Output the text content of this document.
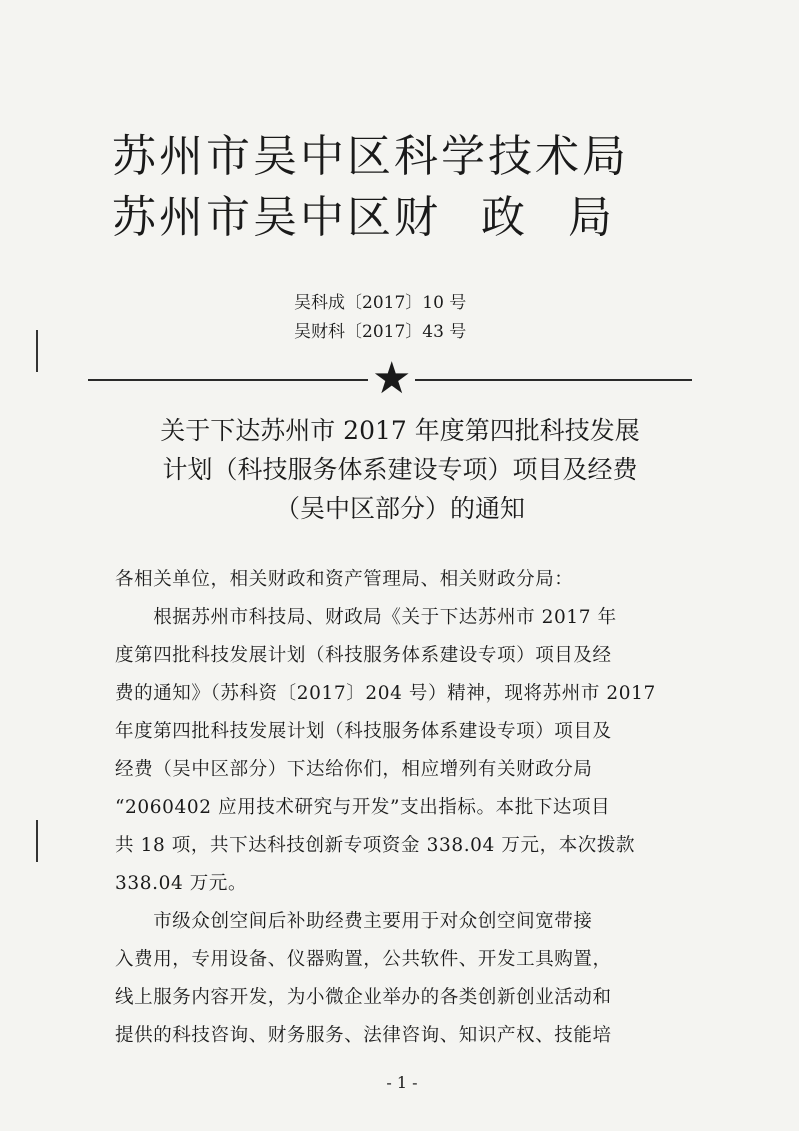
苏州市吴中区科学技术局
苏州市吴中区财 政 局
吴科成〔2017〕10 号
吴财科〔2017〕43 号
★
关于下达苏州市 2017 年度第四批科技发展
计划（科技服务体系建设专项）项目及经费
（吴中区部分）的通知
各相关单位，相关财政和资产管理局、相关财政分局：
　　根据苏州市科技局、财政局《关于下达苏州市 2017 年
度第四批科技发展计划（科技服务体系建设专项）项目及经
费的通知》（苏科资〔2017〕204 号）精神，现将苏州市 2017
年度第四批科技发展计划（科技服务体系建设专项）项目及
经费（吴中区部分）下达给你们，相应增列有关财政分局
“2060402 应用技术研究与开发”支出指标。本批下达项目
共 18 项，共下达科技创新专项资金 338.04 万元，本次拨款
338.04 万元。
　　市级众创空间后补助经费主要用于对众创空间宽带接
入费用，专用设备、仪器购置，公共软件、开发工具购置，
线上服务内容开发，为小微企业举办的各类创新创业活动和
提供的科技咨询、财务服务、法律咨询、知识产权、技能培
- 1 -
